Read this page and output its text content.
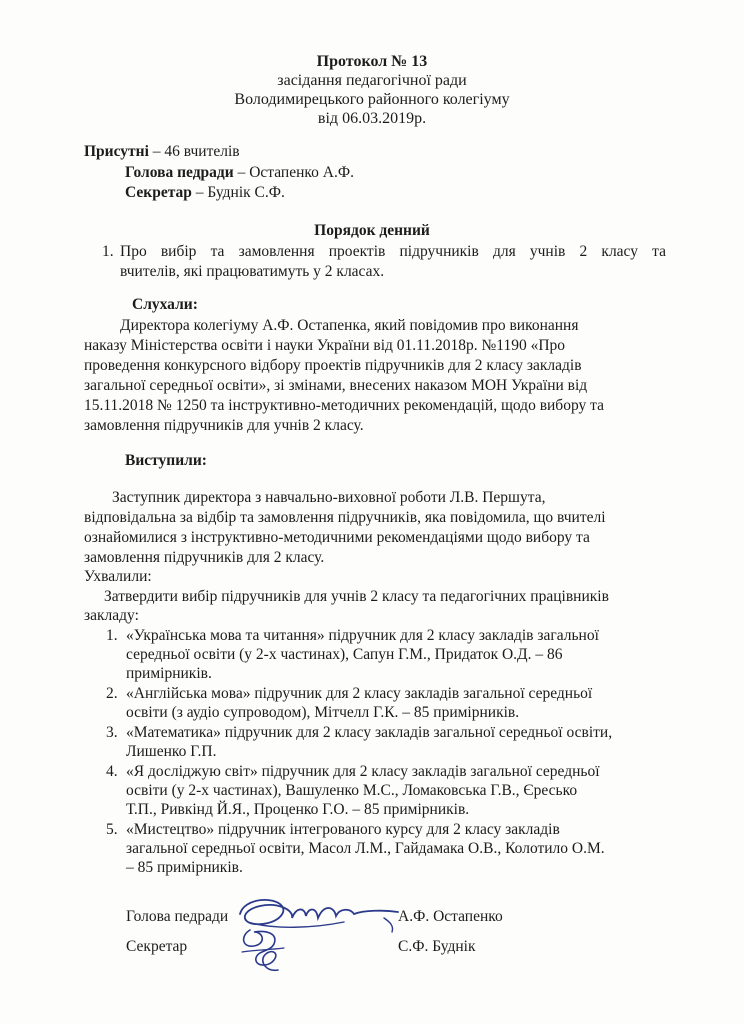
Протокол № 13
засідання педагогічної ради
Володимирецького районного колегіуму
від 06.03.2019р.
Присутні – 46 вчителів
Голова педради – Остапенко А.Ф.
Секретар – Буднік С.Ф.
Порядок денний
1. Про вибір та замовлення проектів підручників для учнів 2 класу та
вчителів, які працюватимуть у 2 класах.
Слухали:
Директора колегіуму А.Ф. Остапенка, який повідомив про виконання
наказу Міністерства освіти і науки України від 01.11.2018р. №1190 «Про
проведення конкурсного відбору проектів підручників для 2 класу закладів
загальної середньої освіти», зі змінами, внесених наказом МОН України від
15.11.2018 № 1250 та інструктивно-методичних рекомендацій, щодо вибору та
замовлення підручників для учнів 2 класу.
Виступили:
Заступник директора з навчально-виховної роботи Л.В. Першута,
відповідальна за відбір та замовлення підручників, яка повідомила, що вчителі
ознайомилися з інструктивно-методичними рекомендаціями щодо вибору та
замовлення підручників для 2 класу.
Ухвалили:
Затвердити вибір підручників для учнів 2 класу та педагогічних працівників
закладу:
1. «Українська мова та читання» підручник для 2 класу закладів загальної
середньої освіти (у 2-х частинах), Сапун Г.М., Придаток О.Д. – 86
примірників.
2. «Англійська мова» підручник для 2 класу закладів загальної середньої
освіти (з аудіо супроводом), Мітчелл Г.К. – 85 примірників.
3. «Математика» підручник для 2 класу закладів загальної середньої освіти,
Лишенко Г.П.
4. «Я досліджую світ» підручник для 2 класу закладів загальної середньої
освіти (у 2-х частинах), Вашуленко М.С., Ломаковська Г.В., Єресько
Т.П., Ривкінд Й.Я., Проценко Г.О. – 85 примірників.
5. «Мистецтво» підручник інтегрованого курсу для 2 класу закладів
загальної середньої освіти, Масол Л.М., Гайдамака О.В., Колотило О.М.
– 85 примірників.
Голова педради	А.Ф. Остапенко
Секретар	С.Ф. Буднік
